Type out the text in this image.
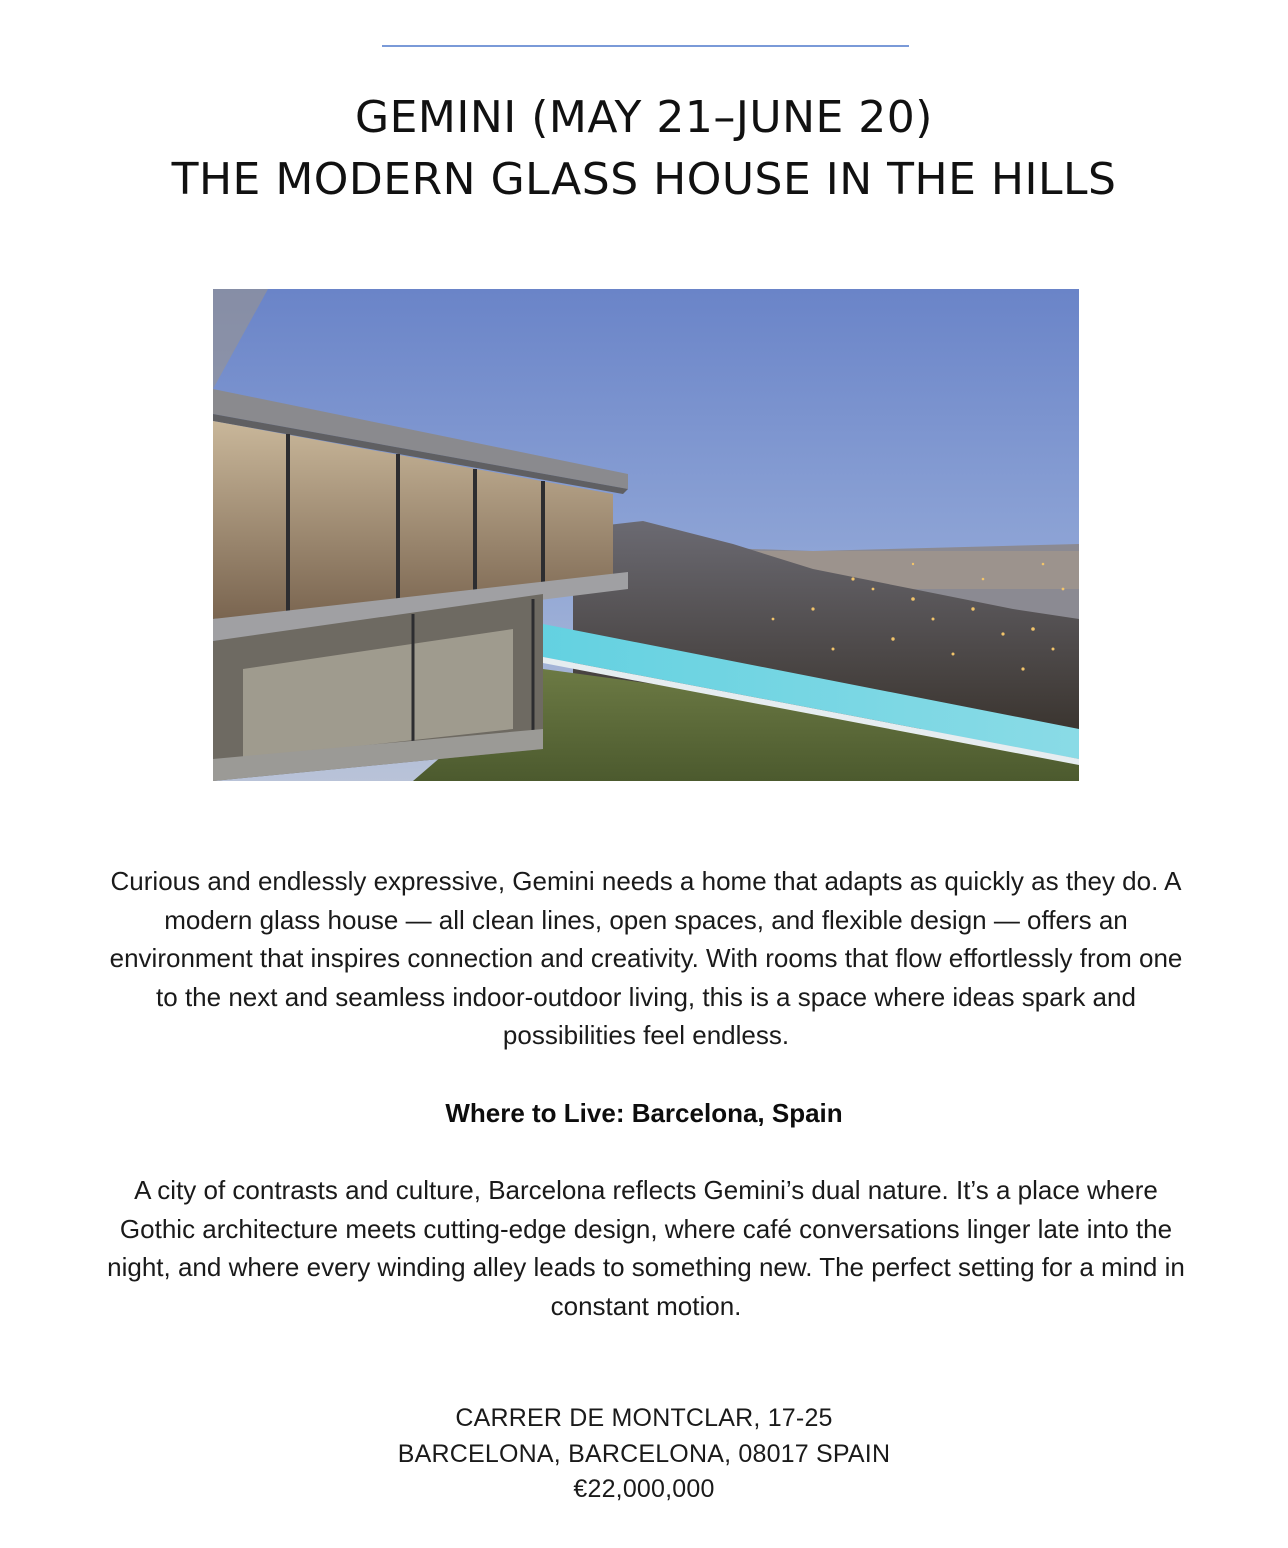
GEMINI (MAY 21–JUNE 20)
THE MODERN GLASS HOUSE IN THE HILLS

Curious and endlessly expressive, Gemini needs a home that adapts as quickly as they do. A modern glass house — all clean lines, open spaces, and flexible design — offers an environment that inspires connection and creativity. With rooms that flow effortlessly from one to the next and seamless indoor-outdoor living, this is a space where ideas spark and possibilities feel endless.

Where to Live: Barcelona, Spain

A city of contrasts and culture, Barcelona reflects Gemini’s dual nature. It’s a place where Gothic architecture meets cutting-edge design, where café conversations linger late into the night, and where every winding alley leads to something new. The perfect setting for a mind in constant motion.

CARRER DE MONTCLAR, 17-25
BARCELONA, BARCELONA, 08017 SPAIN
€22,000,000
